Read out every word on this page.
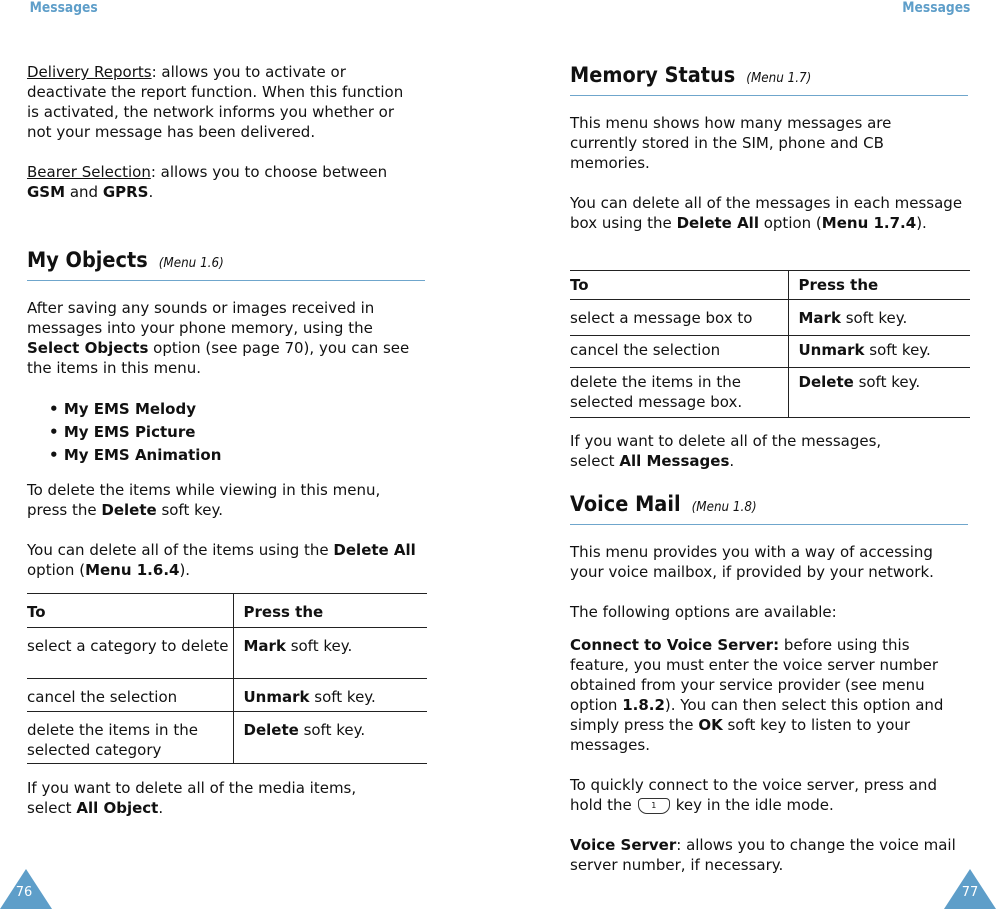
Messages	Messages
Delivery Reports: allows you to activate or deactivate the report function. When this function is activated, the network informs you whether or not your message has been delivered.
Bearer Selection: allows you to choose between
GSM and GPRS.
My Objects (Menu 1.6)
After saving any sounds or images received in messages into your phone memory, using the Select Objects option (see page 70), you can see the items in this menu.
• My EMS Melody
• My EMS Picture
• My EMS Animation
To delete the items while viewing in this menu, press the Delete soft key.
You can delete all of the items using the Delete All option (Menu 1.6.4).
To	Press the
select a category to delete	Mark soft key.
cancel the selection	Unmark soft key.
delete the items in the selected category	Delete soft key.
If you want to delete all of the media items, select All Object.
76
Memory Status (Menu 1.7)
This menu shows how many messages are currently stored in the SIM, phone and CB memories.
You can delete all of the messages in each message box using the Delete All option (Menu 1.7.4).
To	Press the
select a message box to	Mark soft key.
cancel the selection	Unmark soft key.
delete the items in the selected message box.	Delete soft key.
If you want to delete all of the messages, select All Messages.
Voice Mail (Menu 1.8)
This menu provides you with a way of accessing your voice mailbox, if provided by your network.
The following options are available:
Connect to Voice Server: before using this feature, you must enter the voice server number obtained from your service provider (see menu option 1.8.2). You can then select this option and simply press the OK soft key to listen to your messages.
To quickly connect to the voice server, press and hold the 1 key in the idle mode.
Voice Server: allows you to change the voice mail server number, if necessary.
77
